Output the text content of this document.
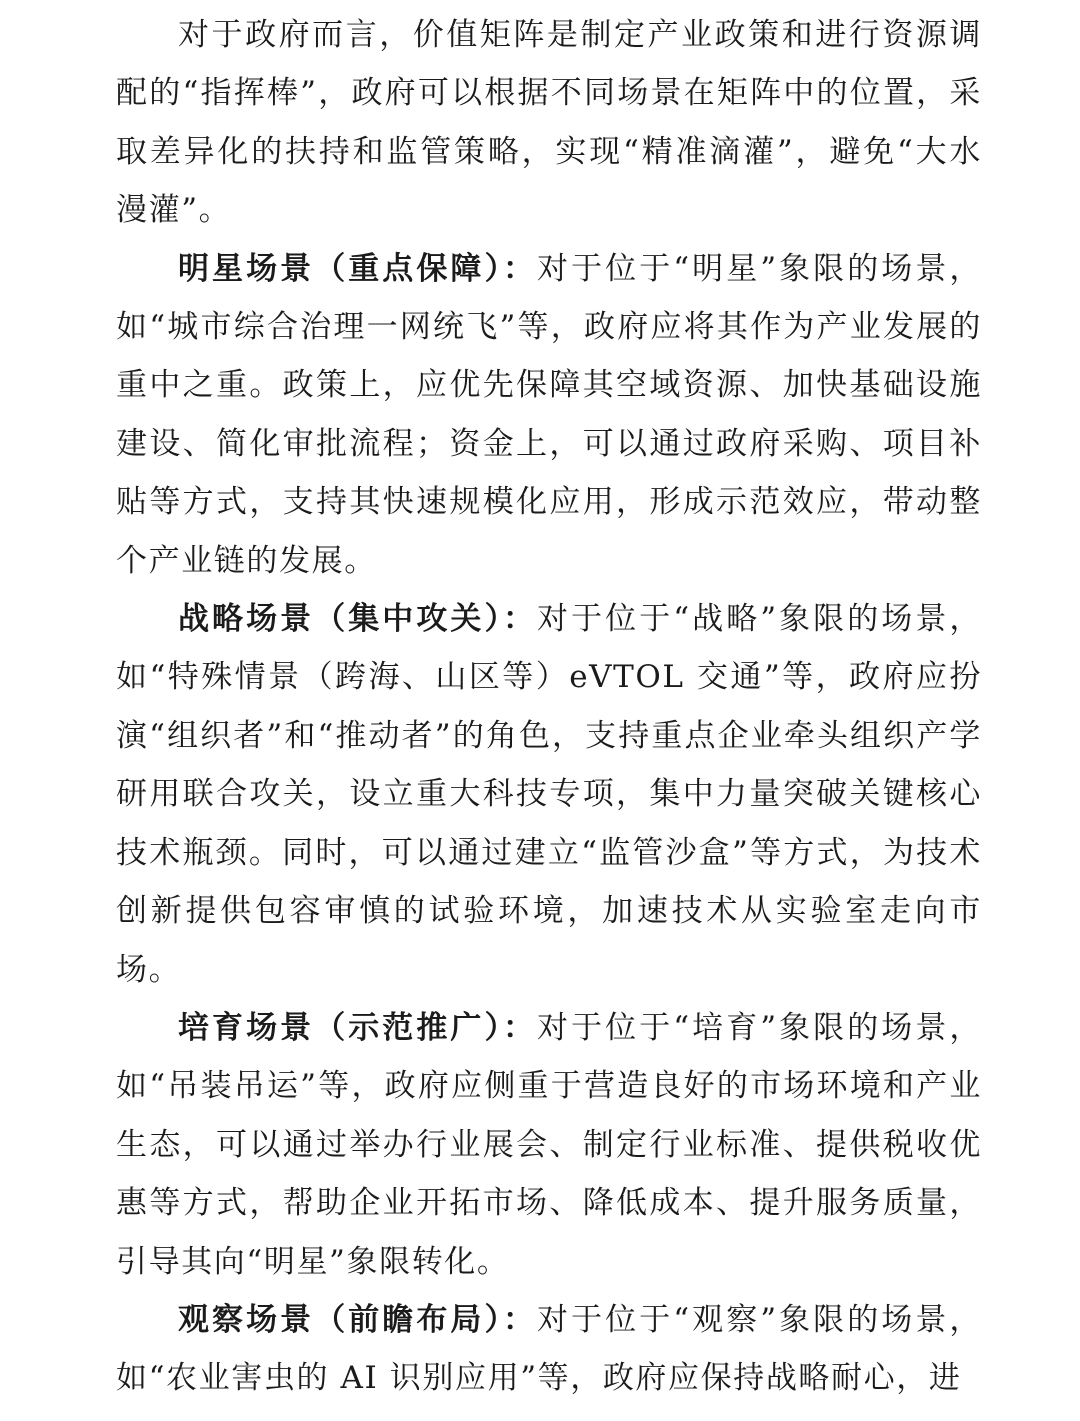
对于政府而言，价值矩阵是制定产业政策和进行资源调配的“指挥棒”，政府可以根据不同场景在矩阵中的位置，采取差异化的扶持和监管策略，实现“精准滴灌”，避免“大水漫灌”。

明星场景（重点保障）：对于位于“明星”象限的场景，如“城市综合治理一网统飞”等，政府应将其作为产业发展的重中之重。政策上，应优先保障其空域资源、加快基础设施建设、简化审批流程；资金上，可以通过政府采购、项目补贴等方式，支持其快速规模化应用，形成示范效应，带动整个产业链的发展。

战略场景（集中攻关）：对于位于“战略”象限的场景，如“特殊情景（跨海、山区等）eVTOL 交通”等，政府应扮演“组织者”和“推动者”的角色，支持重点企业牵头组织产学研用联合攻关，设立重大科技专项，集中力量突破关键核心技术瓶颈。同时，可以通过建立“监管沙盒”等方式，为技术创新提供包容审慎的试验环境，加速技术从实验室走向市场。

培育场景（示范推广）：对于位于“培育”象限的场景，如“吊装吊运”等，政府应侧重于营造良好的市场环境和产业生态，可以通过举办行业展会、制定行业标准、提供税收优惠等方式，帮助企业开拓市场、降低成本、提升服务质量，引导其向“明星”象限转化。

观察场景（前瞻布局）：对于位于“观察”象限的场景，如“农业害虫的 AI 识别应用”等，政府应保持战略耐心，进
